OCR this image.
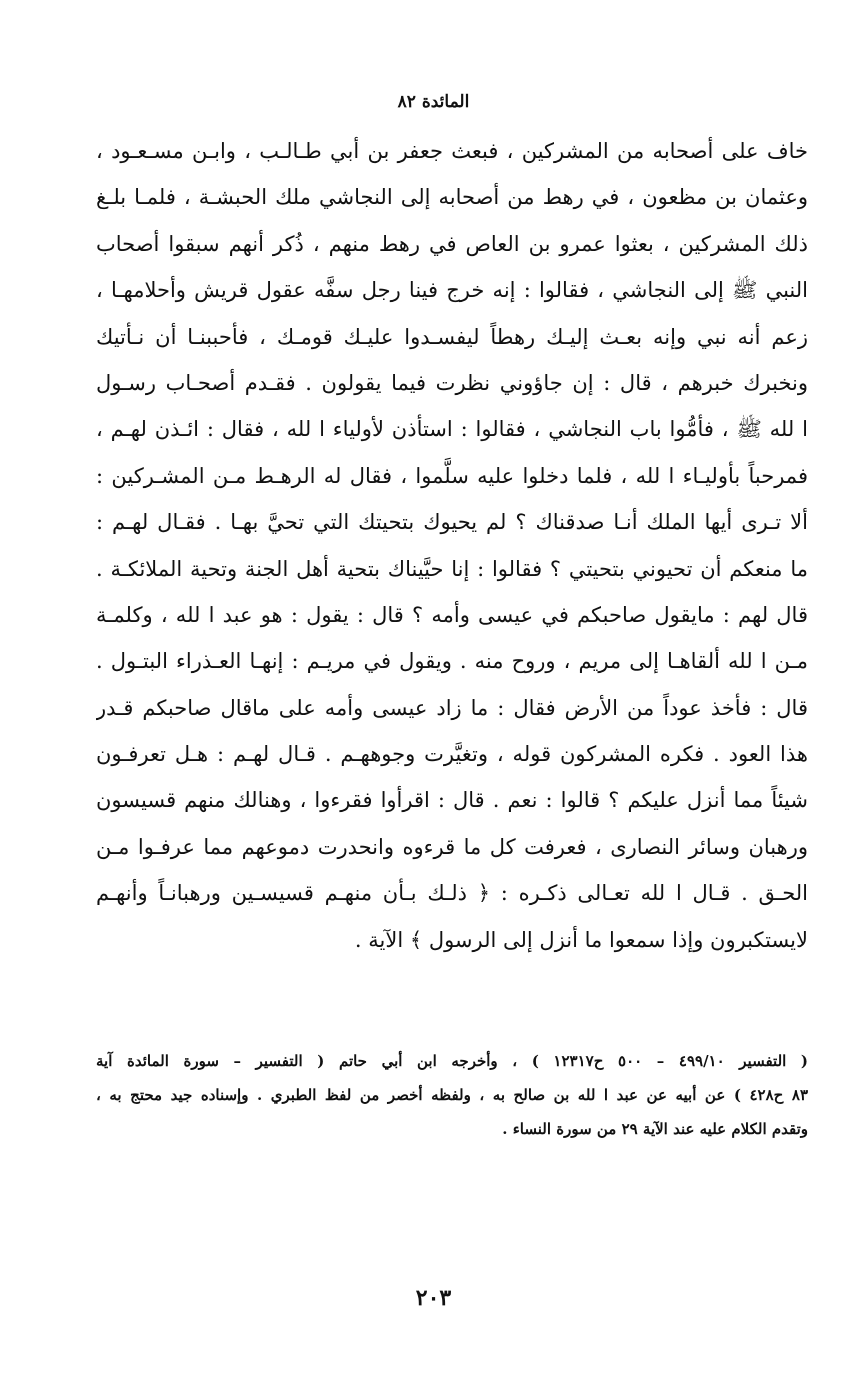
المائدة ٨٢
خاف على أصحابه من المشركين ، فبعث جعفر بن أبي طـالـب ، وابـن مسـعـود ،
وعثمان بن مظعون ، في رهط من أصحابه إلى النجاشي ملك الحبشـة ، فلمـا بلـغ
ذلك المشركين ، بعثوا عمرو بن العاص في رهط منهم ، ذُكر أنهم سبقوا أصحاب
النبي ﷺ إلى النجاشي ، فقالوا : إنه خرج فينا رجل سفَّه عقول قريش وأحلامهـا ،
زعم أنه نبي وإنه بعـث إليـك رهطاً ليفسـدوا عليـك قومـك ، فأحببنـا أن نـأتيك
ونخبرك خبرهم ، قال : إن جاؤوني نظرت فيما يقولون . فقـدم أصحـاب رسـول
ا لله ﷺ ، فأمُّوا باب النجاشي ، فقالوا : استأذن لأولياء ا لله ، فقال : ائـذن لهـم ،
فمرحباً بأوليـاء ا لله ، فلما دخلوا عليه سلَّموا ، فقال له الرهـط مـن المشـركين :
ألا تـرى أيها الملك أنـا صدقناك ؟ لم يحيوك بتحيتك التي تحيَّ بهـا . فقـال لهـم :
ما منعكم أن تحيوني بتحيتي ؟ فقالوا : إنا حيَّيناك بتحية أهل الجنة وتحية الملائكـة .
قال لهم : مايقول صاحبكم في عيسى وأمه ؟ قال : يقول : هو عبد ا لله ، وكلمـة
مـن ا لله ألقاهـا إلى مريم ، وروح منه . ويقول في مريـم : إنهـا العـذراء البتـول .
قال : فأخذ عوداً من الأرض فقال : ما زاد عيسى وأمه على ماقال صاحبكم قـدر
هذا العود . فكره المشركون قوله ، وتغيَّرت وجوههـم . قـال لهـم : هـل تعرفـون
شيئاً مما أنزل عليكم ؟ قالوا : نعم . قال : اقرأوا فقرءوا ، وهنالك منهم قسيسون
ورهبان وسائر النصارى ، فعرفت كل ما قرءوه وانحدرت دموعهم مما عرفـوا مـن
الحـق . قـال ا لله تعـالى ذكـره : ﴿ ذلـك بـأن منهـم قسيسـين ورهبانـاً وأنهـم
لايستكبرون وإذا سمعوا ما أنزل إلى الرسول ﴾ الآية .
( التفسير ٤٩٩/١٠ – ٥٠٠ ح١٢٣١٧ ) ، وأخرجه ابن أبي حاتم ( التفسير – سورة المائدة آية
٨٣ ح٤٢٨ ) عن أبيه عن عبد ا لله بن صالح به ، ولفظه أخصر من لفظ الطبري . وإسناده جيد محتج به ،
وتقدم الكلام عليه عند الآية ٢٩ من سورة النساء .
٢٠٣
